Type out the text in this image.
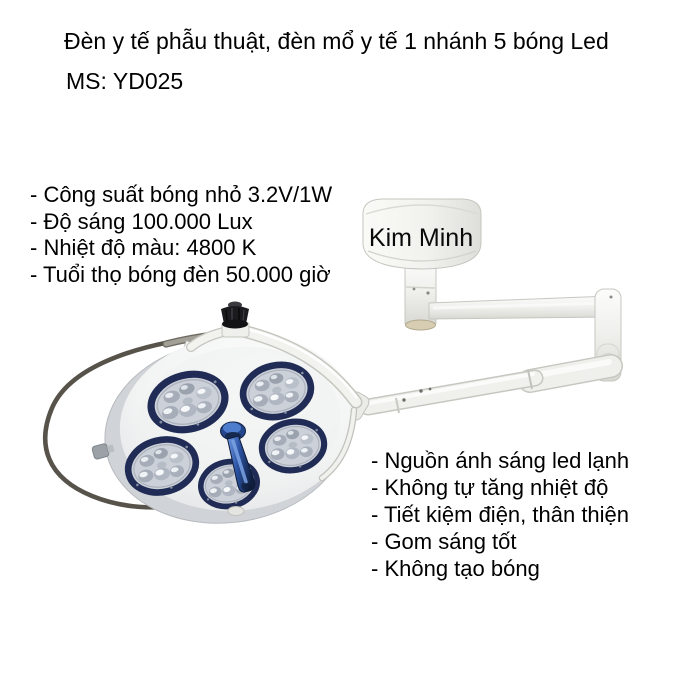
Kim Minh
Đèn y tế phẫu thuật, đèn mổ y tế 1 nhánh 5 bóng Led
MS: YD025
- Công suất bóng nhỏ 3.2V/1W
- Độ sáng 100.000 Lux
- Nhiệt độ màu: 4800 K
- Tuổi thọ bóng đèn 50.000 giờ
- Nguồn ánh sáng led lạnh
- Không tự tăng nhiệt độ
- Tiết kiệm điện, thân thiện
- Gom sáng tốt
- Không tạo bóng
